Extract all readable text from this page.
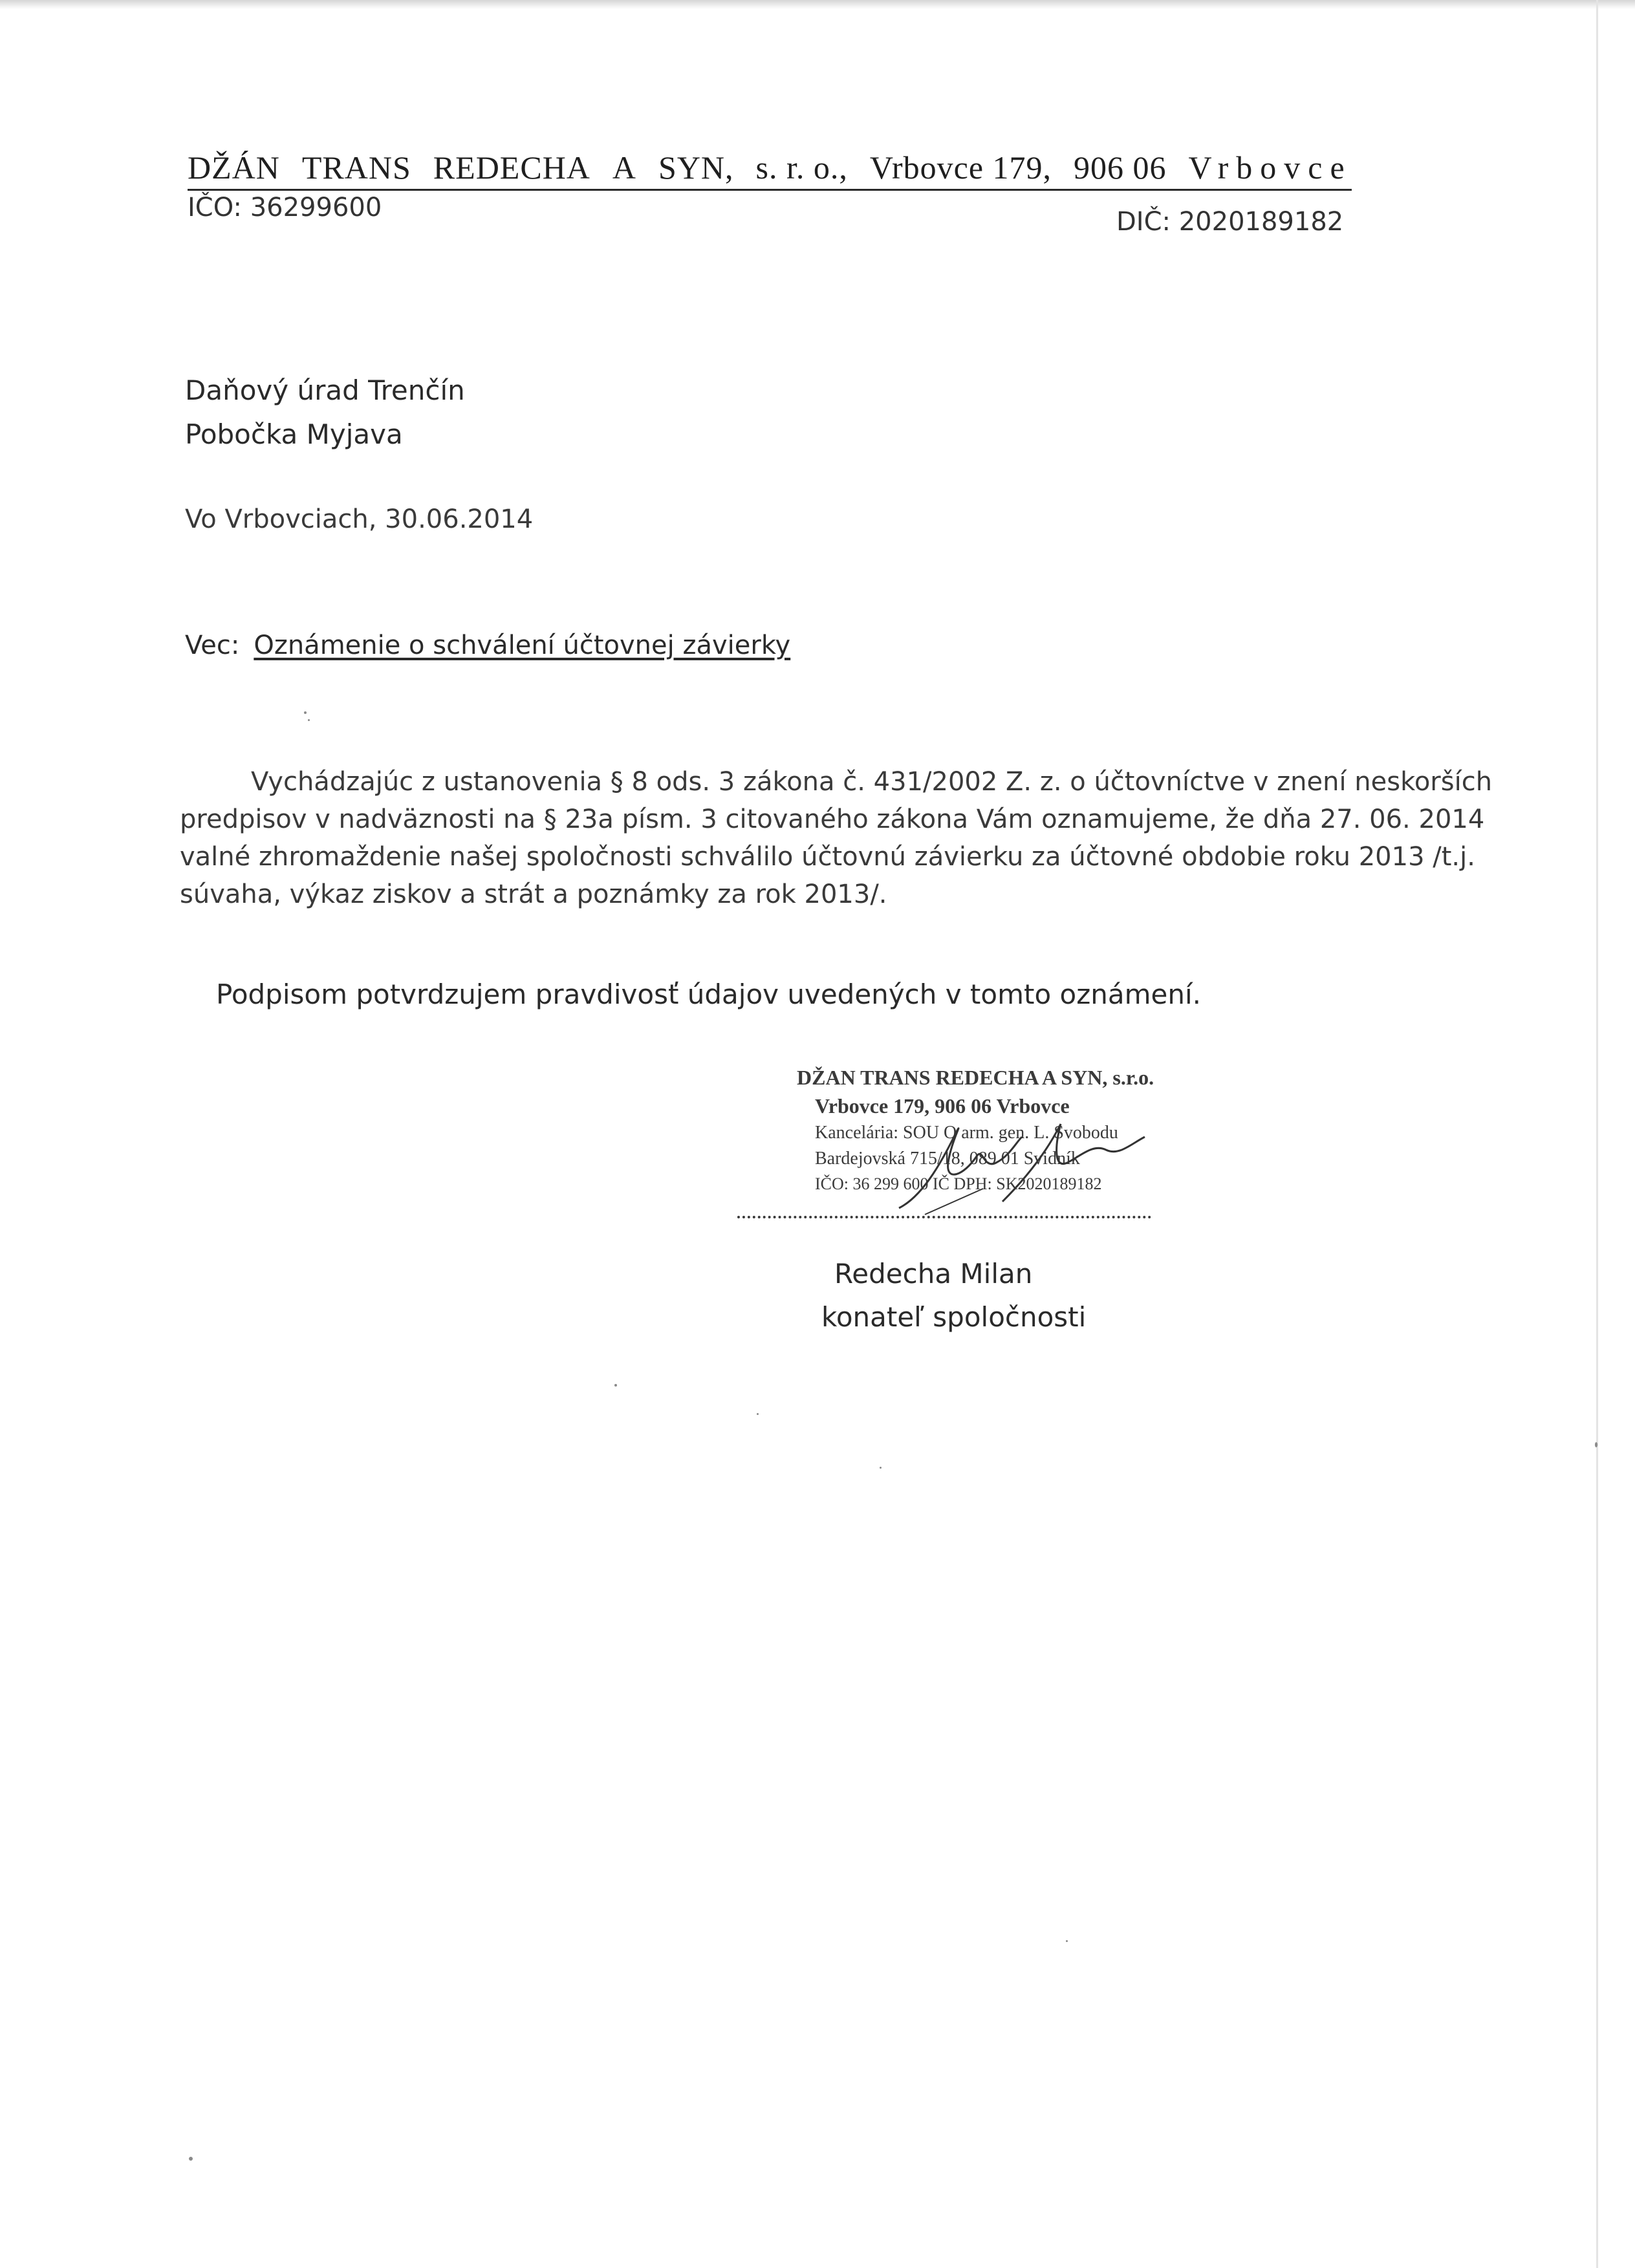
DŽÁN TRANS REDECHA A SYN, s. r. o., Vrbovce 179, 906 06 Vrbovce
IČO: 36299600	DIČ: 2020189182
Daňový úrad Trenčín
Pobočka Myjava
Vo Vrbovciach, 30.06.2014
Vec: Oznámenie o schválení účtovnej závierky
Vychádzajúc z ustanovenia § 8 ods. 3 zákona č. 431/2002 Z. z. o účtovníctve v znení neskorších
predpisov v nadväznosti na § 23a písm. 3 citovaného zákona Vám oznamujeme, že dňa 27. 06. 2014
valné zhromaždenie našej spoločnosti schválilo účtovnú závierku za účtovné obdobie roku 2013 /t.j.
súvaha, výkaz ziskov a strát a poznámky za rok 2013/.
Podpisom potvrdzujem pravdivosť údajov uvedených v tomto oznámení.
DŽAN TRANS REDECHA A SYN, s.r.o.
Vrbovce 179, 906 06 Vrbovce
Kancelária: SOU O arm. gen. L. Svobodu
Bardejovská 715/18, 089 01 Svidník
IČO: 36 299 600 IČ DPH: SK2020189182
Redecha Milan
konateľ spoločnosti
